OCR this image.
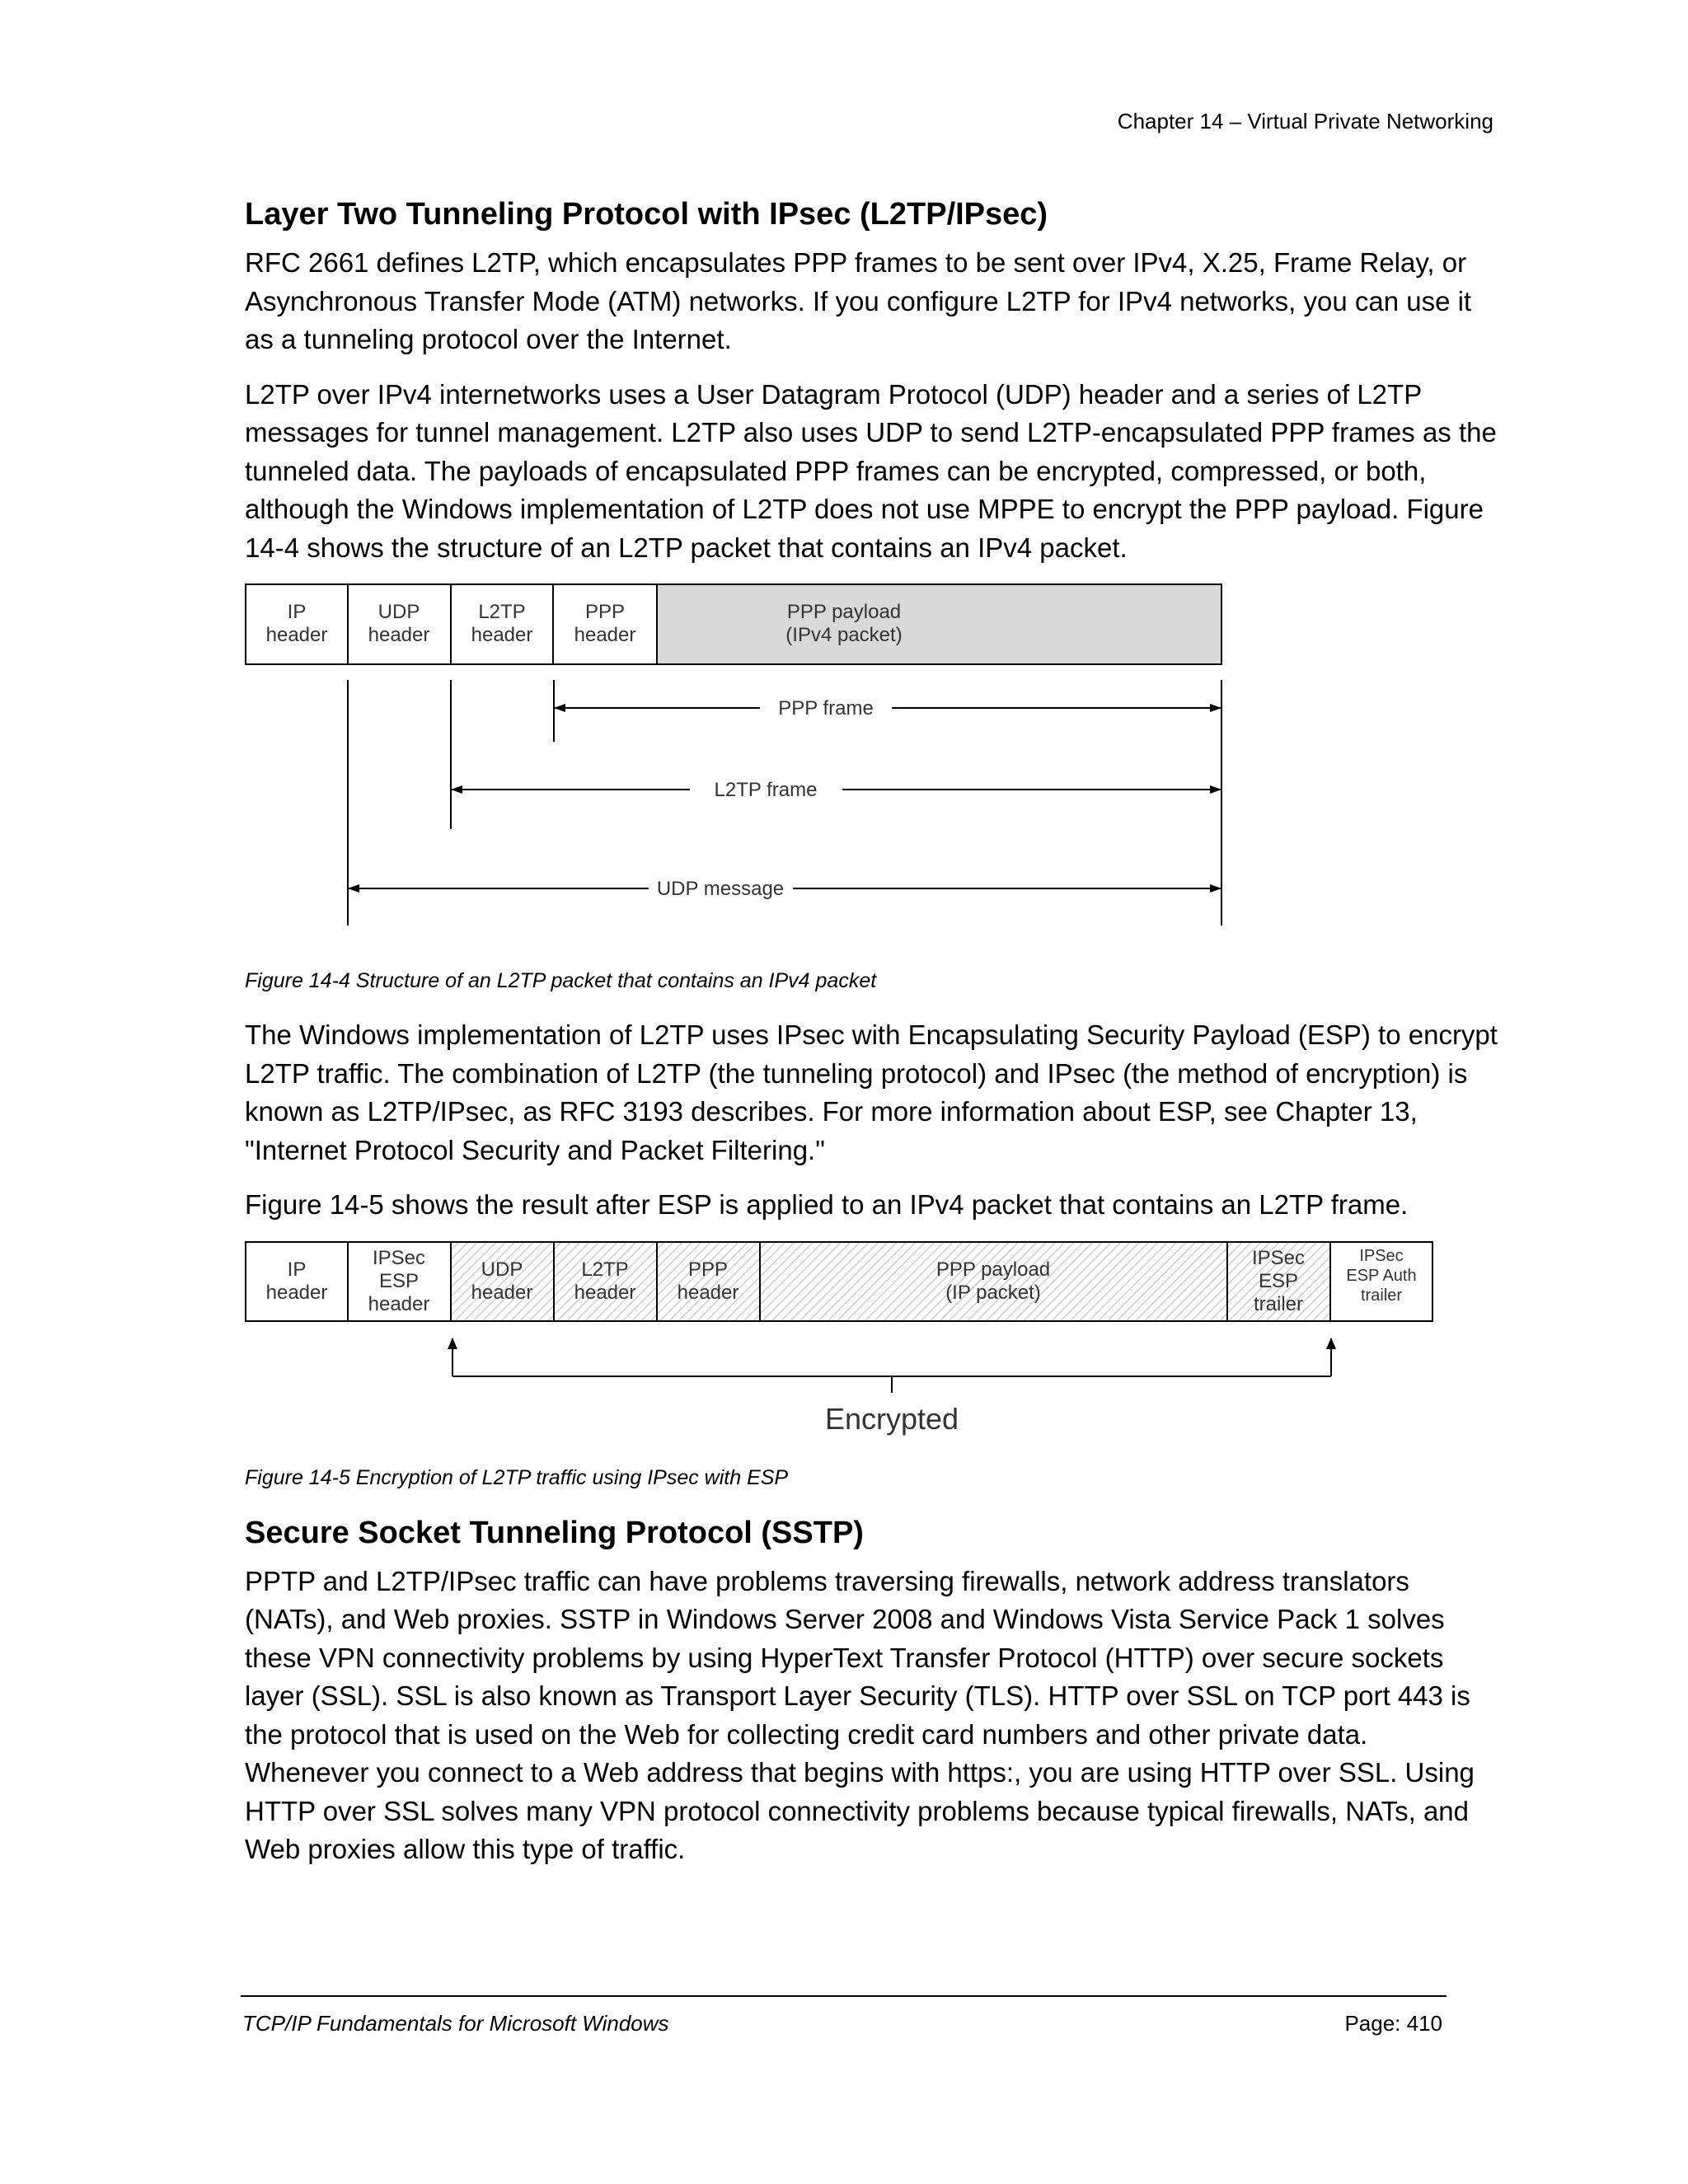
Chapter 14 – Virtual Private Networking
Layer Two Tunneling Protocol with IPsec (L2TP/IPsec)

RFC 2661 defines L2TP, which encapsulates PPP frames to be sent over IPv4, X.25, Frame Relay, or Asynchronous Transfer Mode (ATM) networks. If you configure L2TP for IPv4 networks, you can use it as a tunneling protocol over the Internet.

L2TP over IPv4 internetworks uses a User Datagram Protocol (UDP) header and a series of L2TP messages for tunnel management. L2TP also uses UDP to send L2TP-encapsulated PPP frames as the tunneled data. The payloads of encapsulated PPP frames can be encrypted, compressed, or both, although the Windows implementation of L2TP does not use MPPE to encrypt the PPP payload. Figure 14-4 shows the structure of an L2TP packet that contains an IPv4 packet.

IP
header
UDP
header
L2TP
header
PPP
header
PPP payload
(IPv4 packet)
PPP frame
L2TP frame
UDP message
Figure 14-4 Structure of an L2TP packet that contains an IPv4 packet

The Windows implementation of L2TP uses IPsec with Encapsulating Security Payload (ESP) to encrypt L2TP traffic. The combination of L2TP (the tunneling protocol) and IPsec (the method of encryption) is known as L2TP/IPsec, as RFC 3193 describes. For more information about ESP, see Chapter 13, "Internet Protocol Security and Packet Filtering."

Figure 14-5 shows the result after ESP is applied to an IPv4 packet that contains an L2TP frame.

IP
header
IPSec
ESP
header
UDP
header
L2TP
header
PPP
header
PPP payload
(IP packet)
IPSec
ESP
trailer
IPSec
ESP Auth
trailer
Encrypted
Figure 14-5 Encryption of L2TP traffic using IPsec with ESP
Secure Socket Tunneling Protocol (SSTP)

PPTP and L2TP/IPsec traffic can have problems traversing firewalls, network address translators (NATs), and Web proxies. SSTP in Windows Server 2008 and Windows Vista Service Pack 1 solves these VPN connectivity problems by using HyperText Transfer Protocol (HTTP) over secure sockets layer (SSL). SSL is also known as Transport Layer Security (TLS). HTTP over SSL on TCP port 443 is the protocol that is used on the Web for collecting credit card numbers and other private data. Whenever you connect to a Web address that begins with https:, you are using HTTP over SSL. Using HTTP over SSL solves many VPN protocol connectivity problems because typical firewalls, NATs, and Web proxies allow this type of traffic.

TCP/IP Fundamentals for Microsoft Windows	Page: 410
